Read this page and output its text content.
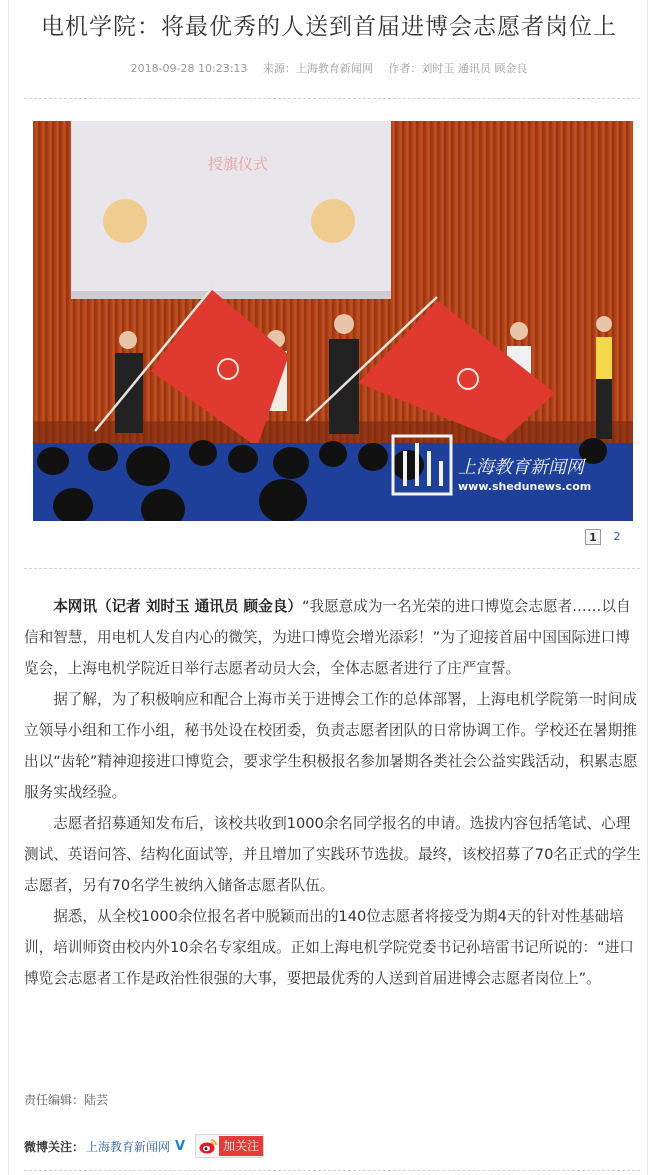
电机学院：将最优秀的人送到首届进博会志愿者岗位上
2018-09-28 10:23:13 来源：上海教育新闻网 作者：刘时玉 通讯员 顾金良
授旗仪式
上海教育新闻网
www.shedunews.com
1	2

本网讯（记者 刘时玉 通讯员 顾金良）“我愿意成为一名光荣的进口博览会志愿者……以自信和智慧，用电机人发自内心的微笑，为进口博览会增光添彩！”为了迎接首届中国国际进口博览会，上海电机学院近日举行志愿者动员大会，全体志愿者进行了庄严宣誓。

据了解，为了积极响应和配合上海市关于进博会工作的总体部署，上海电机学院第一时间成立领导小组和工作小组，秘书处设在校团委，负责志愿者团队的日常协调工作。学校还在暑期推出以“齿轮”精神迎接进口博览会，要求学生积极报名参加暑期各类社会公益实践活动，积累志愿服务实战经验。

志愿者招募通知发布后，该校共收到1000余名同学报名的申请。选拔内容包括笔试、心理测试、英语问答、结构化面试等，并且增加了实践环节选拔。最终，该校招募了70名正式的学生志愿者，另有70名学生被纳入储备志愿者队伍。

据悉，从全校1000余位报名者中脱颖而出的140位志愿者将接受为期4天的针对性基础培训，培训师资由校内外10余名专家组成。正如上海电机学院党委书记孙培雷书记所说的：“进口博览会志愿者工作是政治性很强的大事，要把最优秀的人送到首届进博会志愿者岗位上”。

责任编辑：陆芸
微博关注： 上海教育新闻网 V	加关注
